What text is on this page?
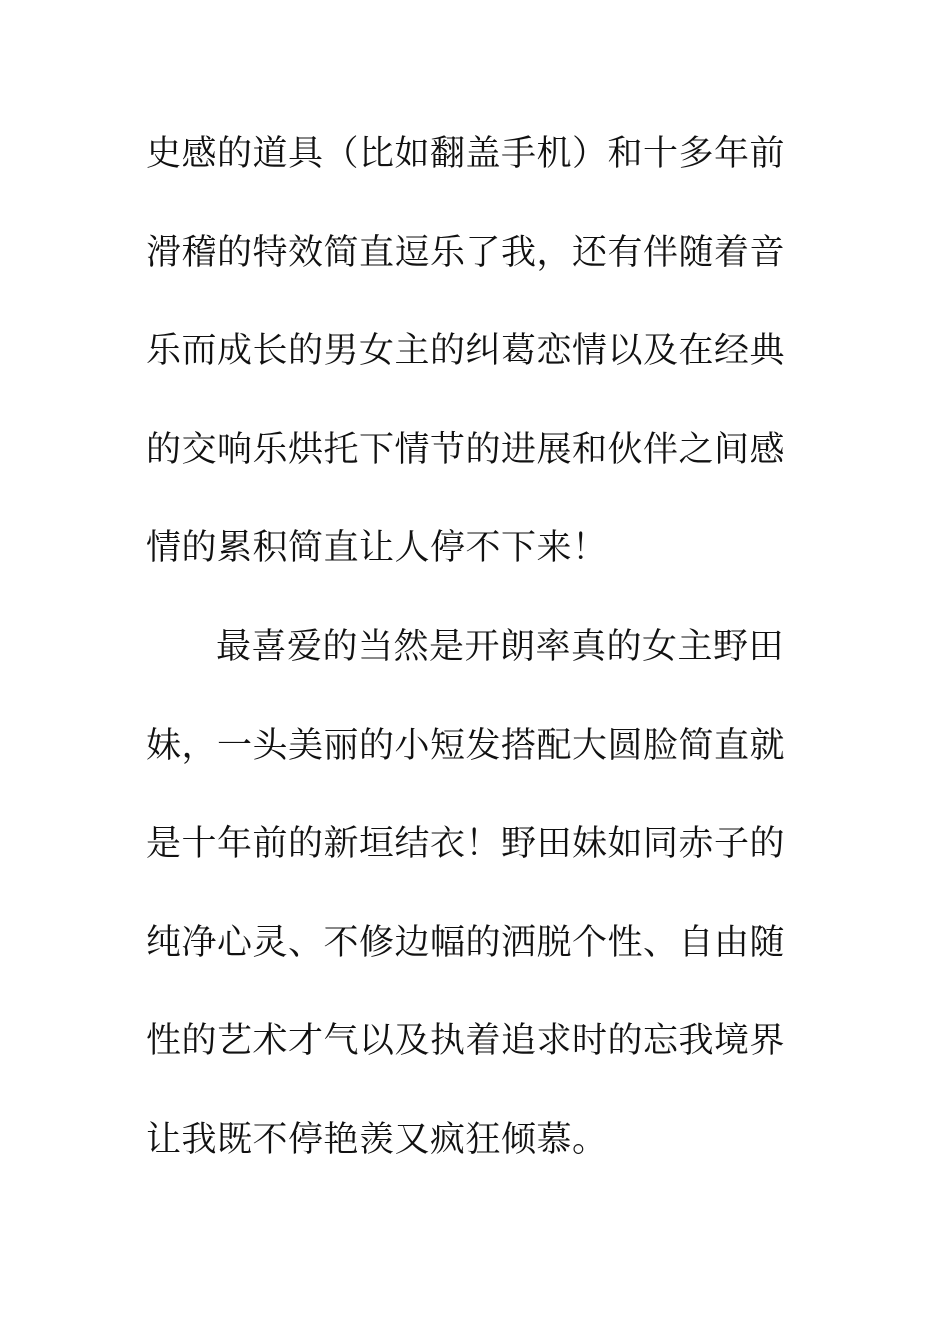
史感的道具（比如翻盖手机）和十多年前
滑稽的特效简直逗乐了我，还有伴随着音
乐而成长的男女主的纠葛恋情以及在经典
的交响乐烘托下情节的进展和伙伴之间感
情的累积简直让人停不下来！
最喜爱的当然是开朗率真的女主野田
妹，一头美丽的小短发搭配大圆脸简直就
是十年前的新垣结衣！野田妹如同赤子的
纯净心灵、不修边幅的洒脱个性、自由随
性的艺术才气以及执着追求时的忘我境界
让我既不停艳羡又疯狂倾慕。
